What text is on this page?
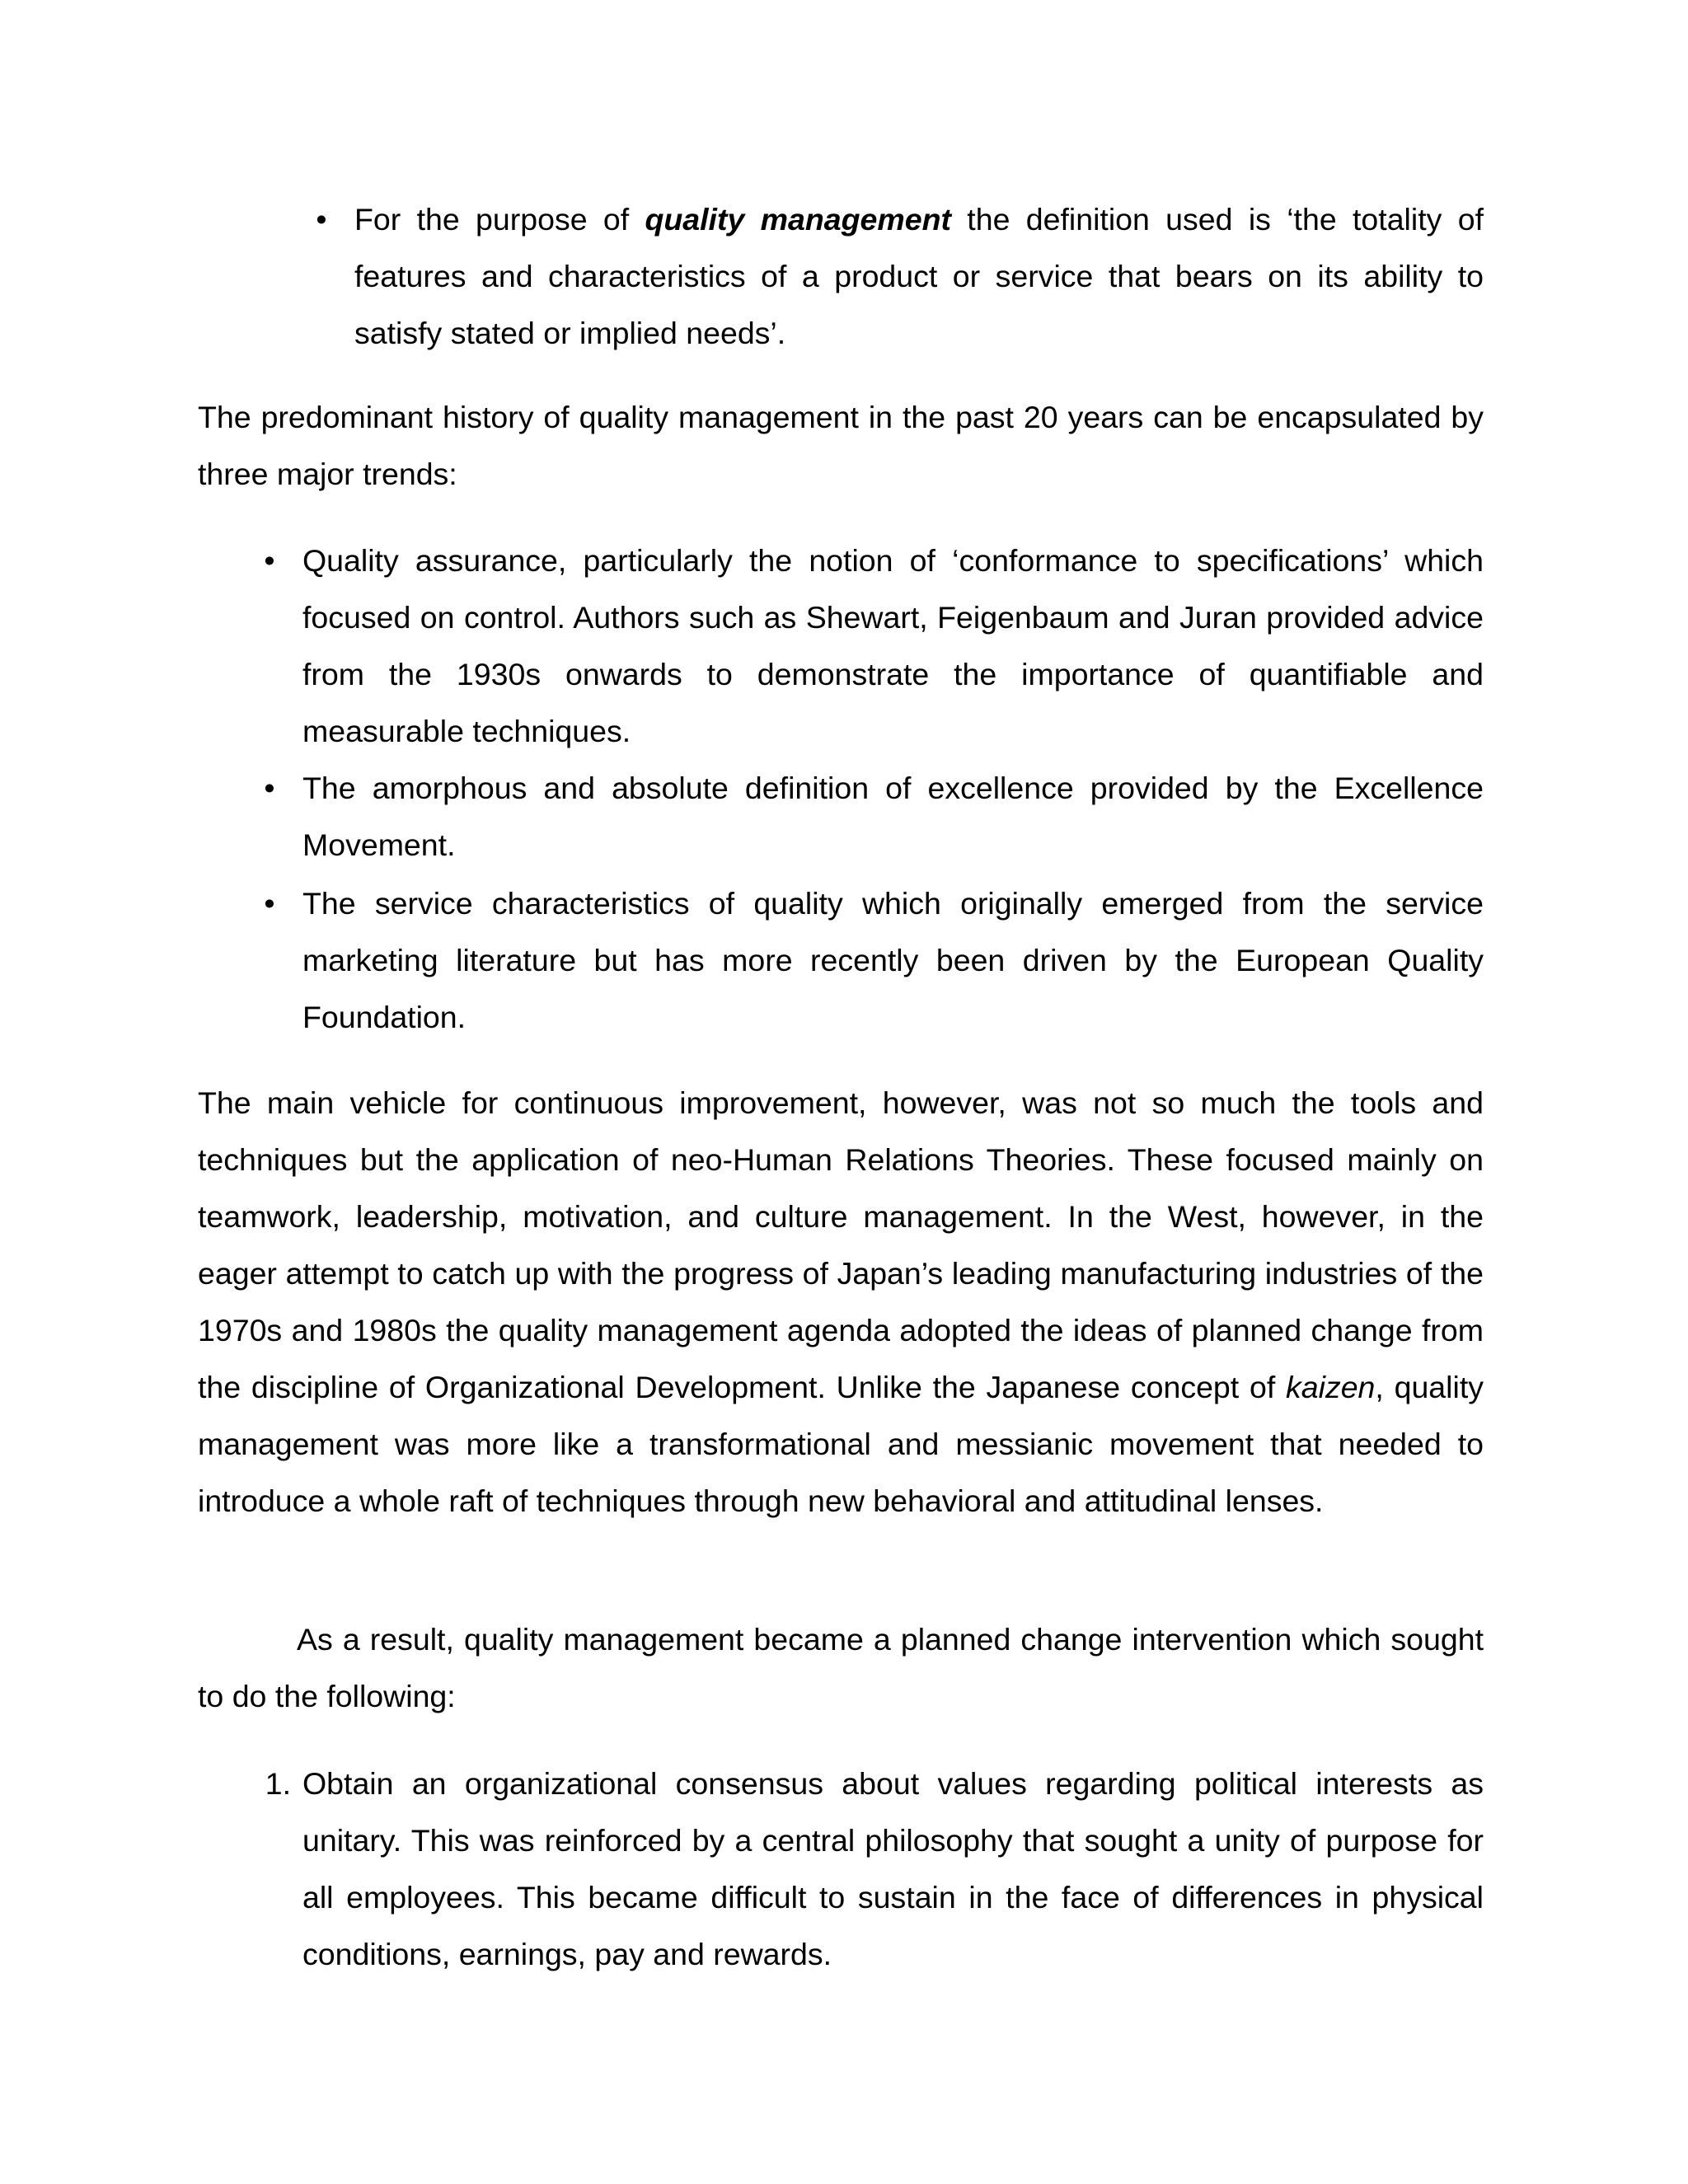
• For the purpose of quality management the definition used is ‘the totality of features and characteristics of a product or service that bears on its ability to satisfy stated or implied needs’.

The predominant history of quality management in the past 20 years can be encapsulated by three major trends:

• Quality assurance, particularly the notion of ‘conformance to specifications’ which focused on control. Authors such as Shewart, Feigenbaum and Juran provided advice from the 1930s onwards to demonstrate the importance of quantifiable and measurable techniques.
• The amorphous and absolute definition of excellence provided by the Excellence Movement.
• The service characteristics of quality which originally emerged from the service marketing literature but has more recently been driven by the European Quality Foundation.

The main vehicle for continuous improvement, however, was not so much the tools and techniques but the application of neo-Human Relations Theories. These focused mainly on teamwork, leadership, motivation, and culture management. In the West, however, in the eager attempt to catch up with the progress of Japan’s leading manufacturing industries of the 1970s and 1980s the quality management agenda adopted the ideas of planned change from the discipline of Organizational Development. Unlike the Japanese concept of kaizen, quality management was more like a transformational and messianic movement that needed to introduce a whole raft of techniques through new behavioral and attitudinal lenses.

As a result, quality management became a planned change intervention which sought to do the following:

1. Obtain an organizational consensus about values regarding political interests as unitary. This was reinforced by a central philosophy that sought a unity of purpose for all employees. This became difficult to sustain in the face of differences in physical conditions, earnings, pay and rewards.
